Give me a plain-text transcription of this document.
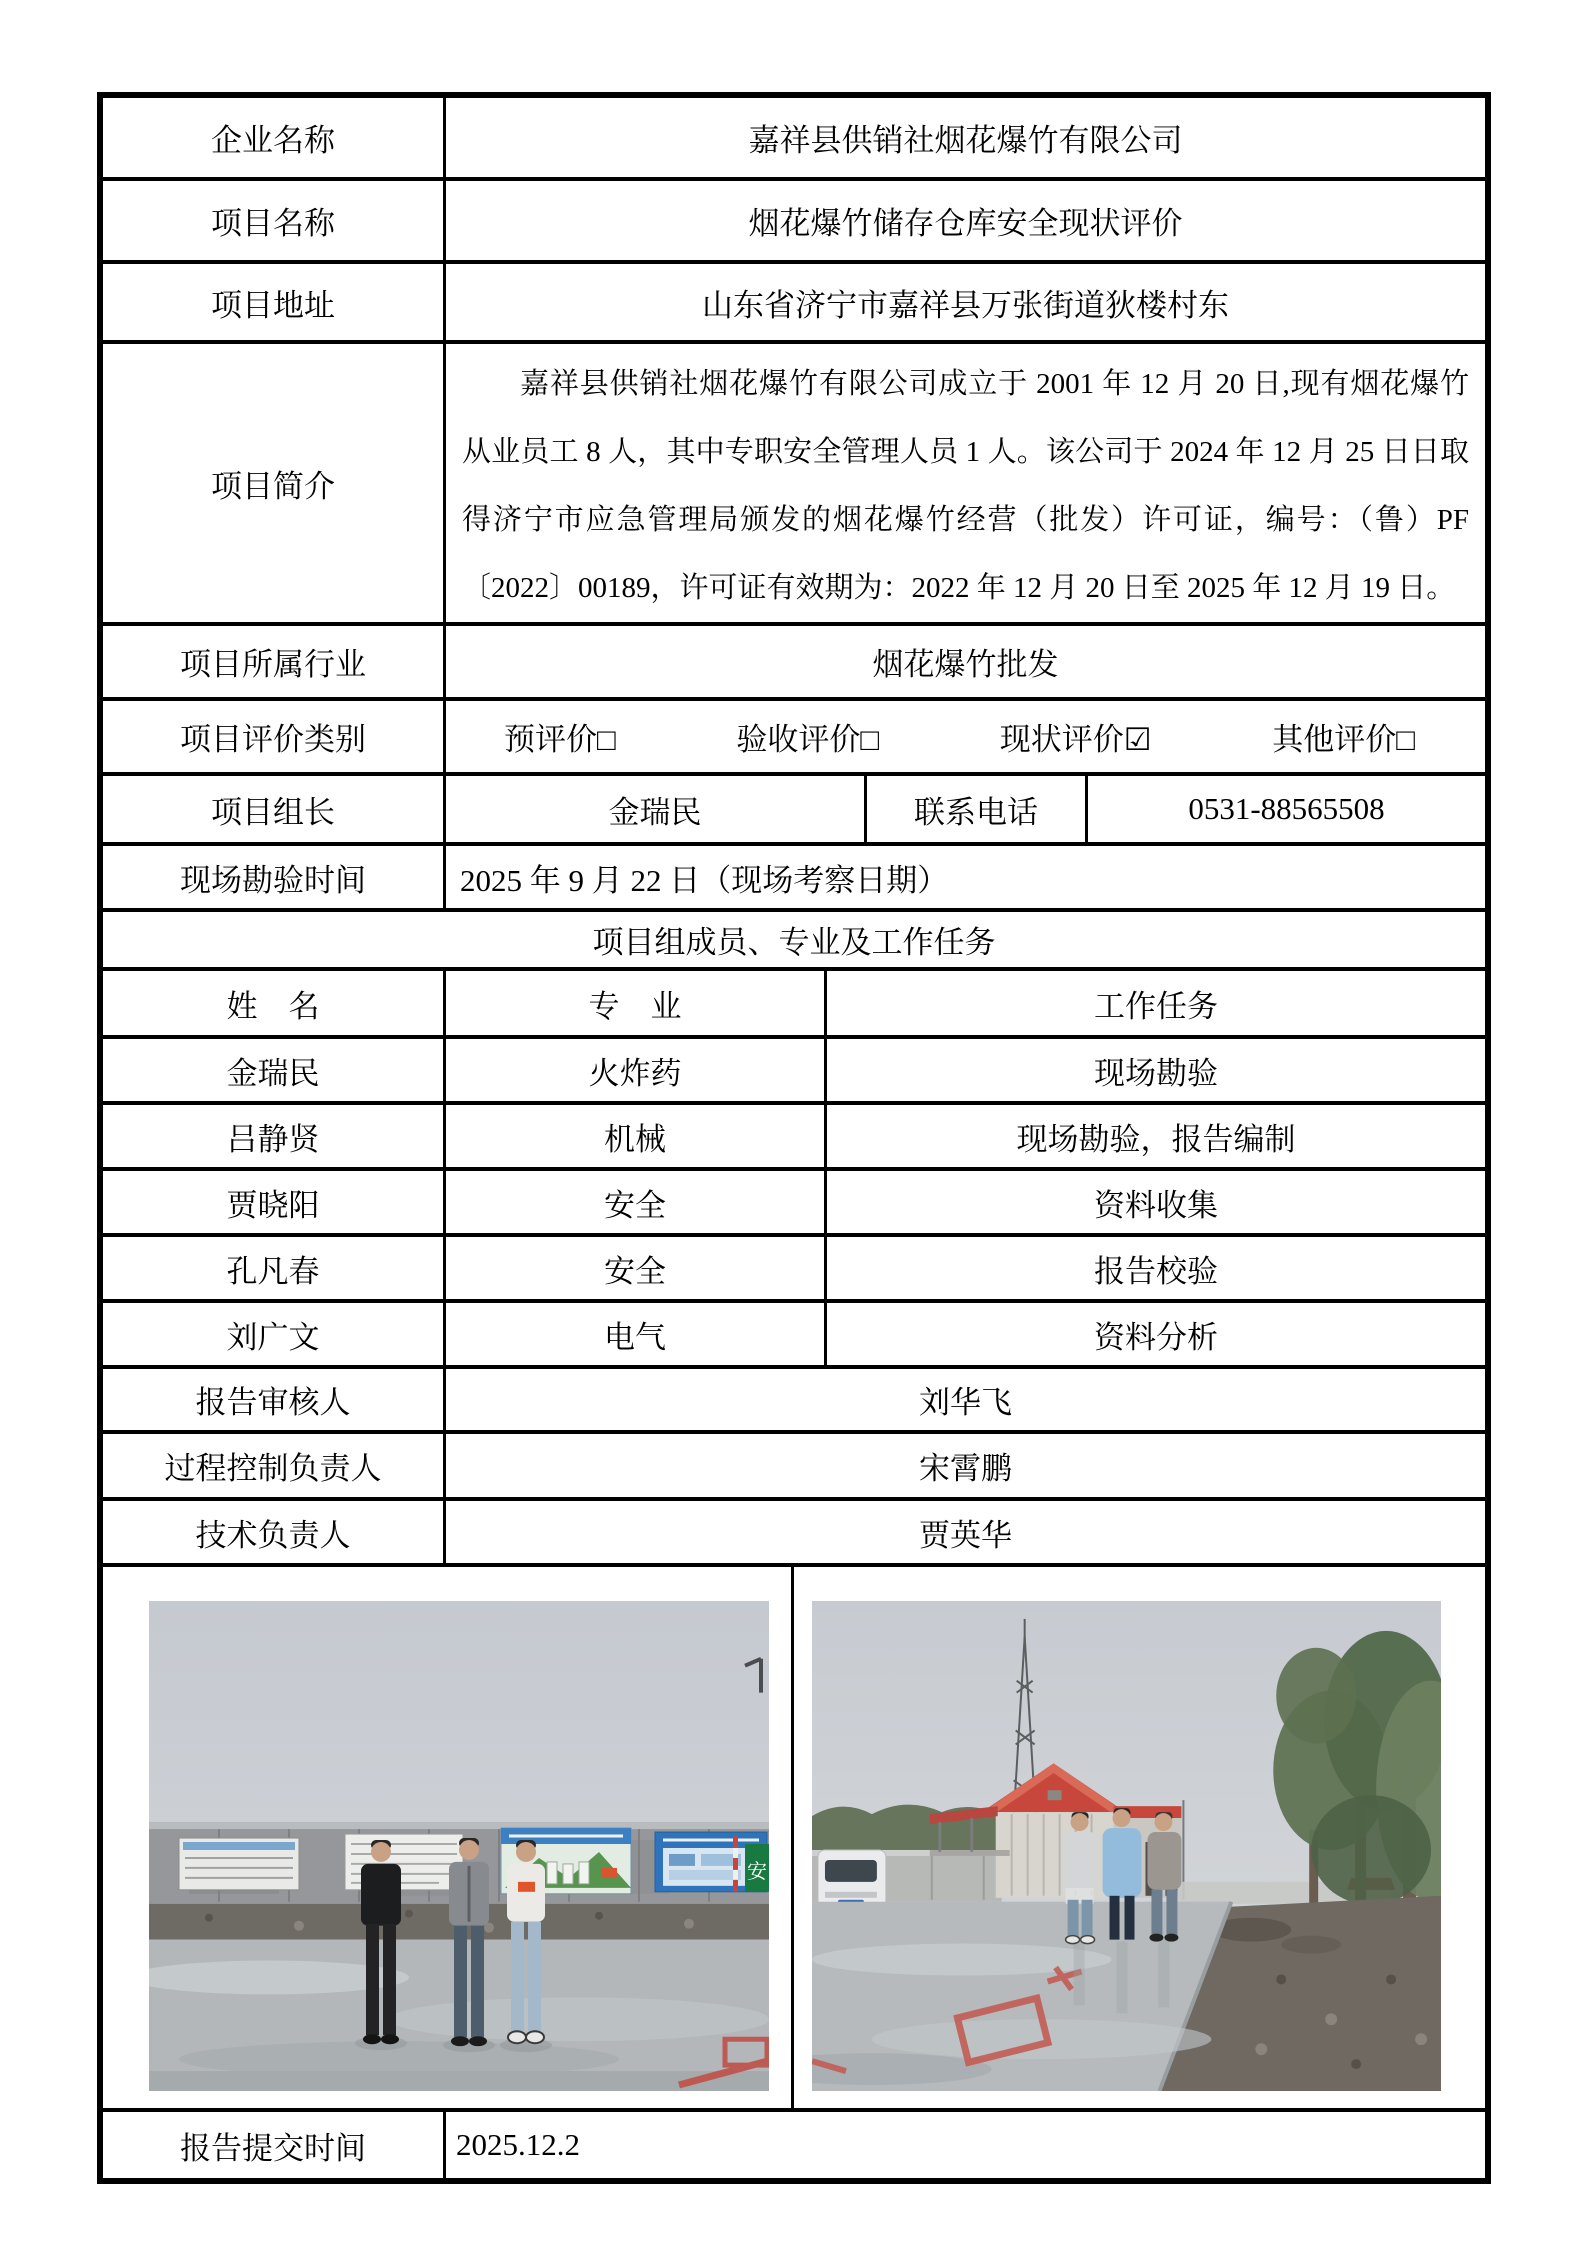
企业名称	嘉祥县供销社烟花爆竹有限公司
项目名称	烟花爆竹储存仓库安全现状评价
项目地址	山东省济宁市嘉祥县万张街道狄楼村东
项目简介
嘉祥县供销社烟花爆竹有限公司成立于 2001 年 12 月 20 日,现有烟花爆竹从业员工 8 人，其中专职安全管理人员 1 人。该公司于 2024 年 12 月 25 日日取得济宁市应急管理局颁发的烟花爆竹经营（批发）许可证，编号：（鲁）PF〔2022〕00189，许可证有效期为：2022 年 12 月 20 日至 2025 年 12 月 19 日。
项目所属行业	烟花爆竹批发
项目评价类别	预评价□	验收评价□	现状评价☑	其他评价□
项目组长	金瑞民	联系电话	0531-88565508
现场勘验时间	2025 年 9 月 22 日（现场考察日期）
项目组成员、专业及工作任务
姓　名	专　业	工作任务
金瑞民	火炸药	现场勘验
吕静贤	机械	现场勘验，报告编制
贾晓阳	安全	资料收集
孔凡春	安全	报告校验
刘广文	电气	资料分析
报告审核人	刘华飞
过程控制负责人	宋霄鹏
技术负责人	贾英华
安
报告提交时间	2025.12.2
